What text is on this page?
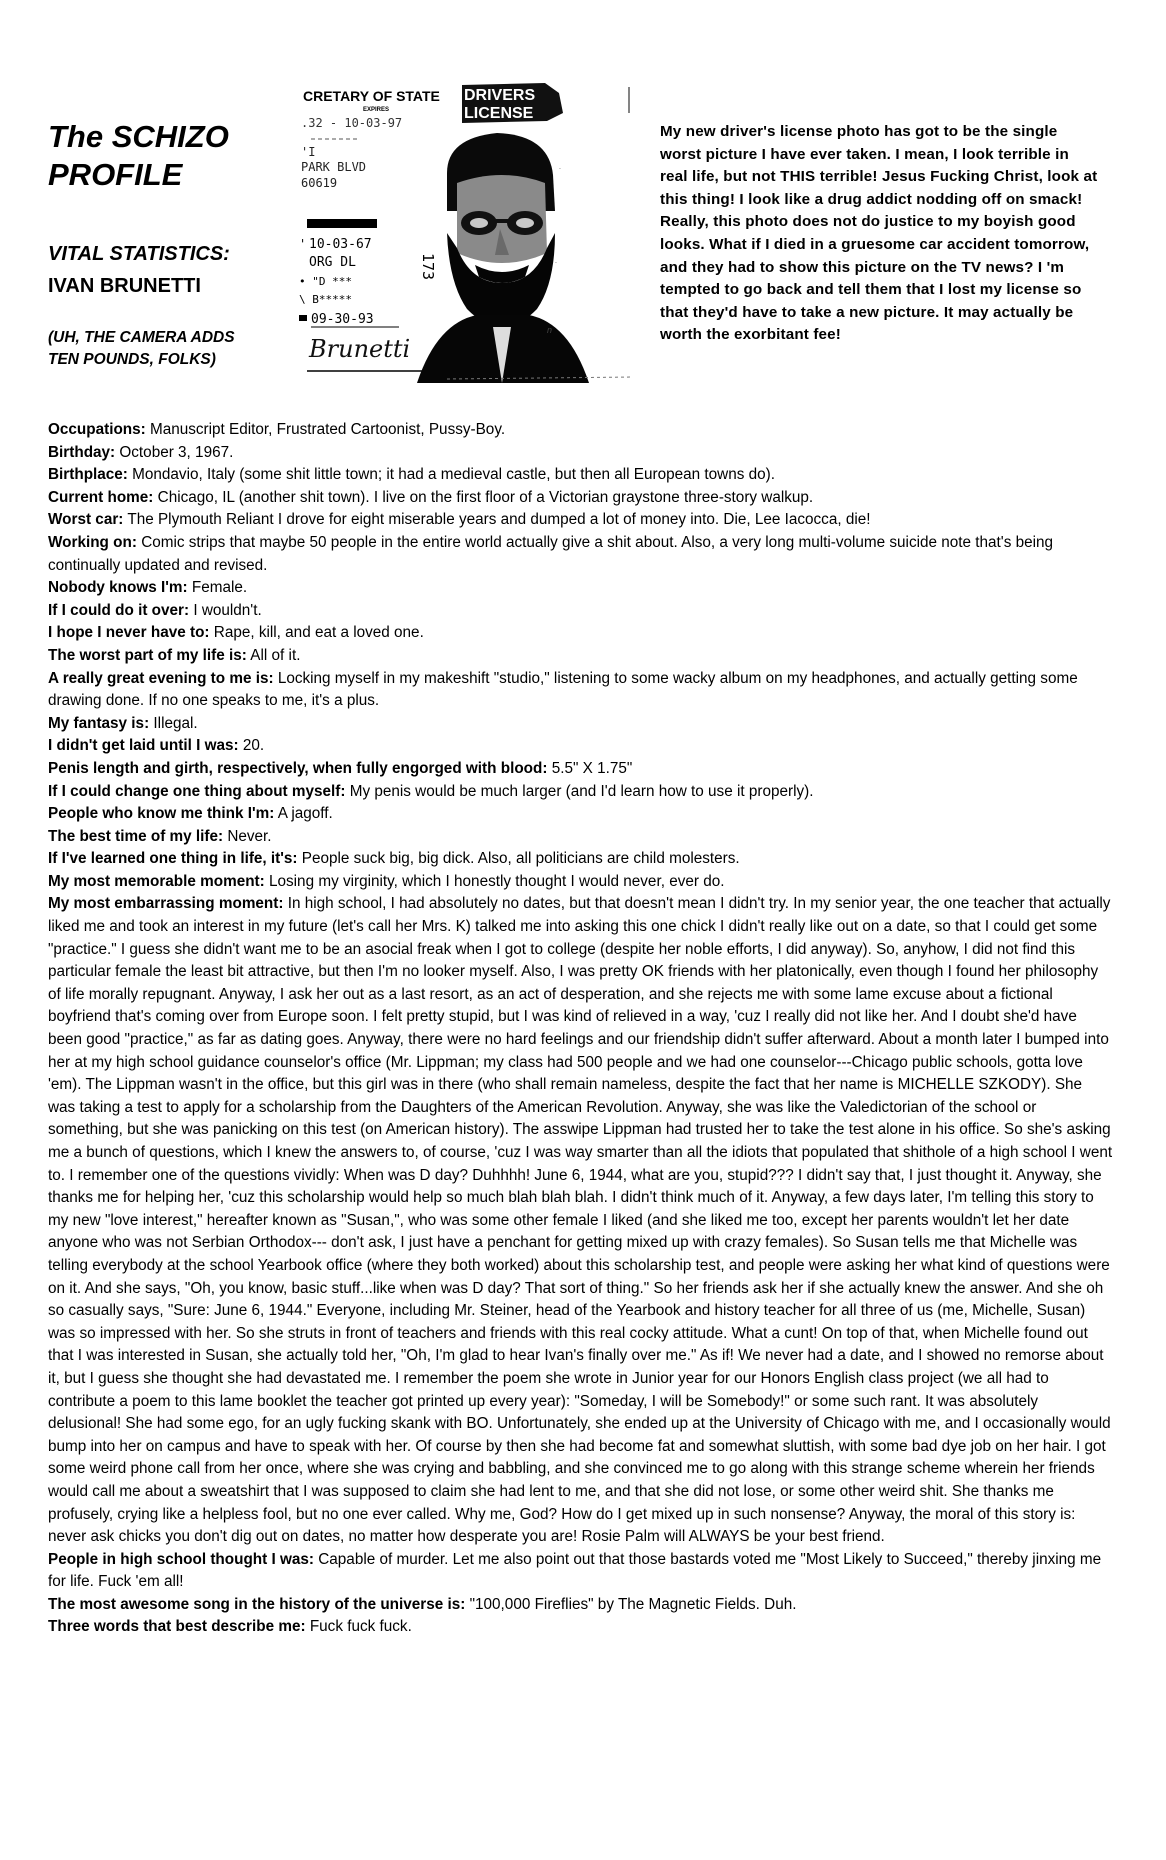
The SCHIZO
PROFILE
VITAL STATISTICS:
IVAN BRUNETTI
(UH, THE CAMERA ADDS
TEN POUNDS, FOLKS)
CRETARY OF STATE
EXPIRES
.32 - 10-03-97
'I
PARK BLVD
60619
' 10-03-67
ORG DL
• "D ***
\ B*****
09-30-93
Brunetti
173
DRIVERS
LICENSE
.
.
n
My new driver's license photo has got to be the single worst picture I have ever taken. I mean, I look terrible in real life, but not THIS terrible! Jesus Fucking Christ, look at this thing! I look like a drug addict nodding off on smack! Really, this photo does not do justice to my boyish good looks. What if I died in a gruesome car accident tomorrow, and they had to show this picture on the TV news? I 'm tempted to go back and tell them that I lost my license so that they'd have to take a new picture. It may actually be worth the exorbitant fee!

Occupations: Manuscript Editor, Frustrated Cartoonist, Pussy-Boy.

Birthday: October 3, 1967.

Birthplace: Mondavio, Italy (some shit little town; it had a medieval castle, but then all European towns do).

Current home: Chicago, IL (another shit town). I live on the first floor of a Victorian graystone three-story walkup.

Worst car: The Plymouth Reliant I drove for eight miserable years and dumped a lot of money into. Die, Lee Iacocca, die!

Working on: Comic strips that maybe 50 people in the entire world actually give a shit about. Also, a very long multi-volume suicide note that's being continually updated and revised.

Nobody knows I'm: Female.

If I could do it over: I wouldn't.

I hope I never have to: Rape, kill, and eat a loved one.

The worst part of my life is: All of it.

A really great evening to me is: Locking myself in my makeshift "studio," listening to some wacky album on my headphones, and actually getting some drawing done. If no one speaks to me, it's a plus.

My fantasy is: Illegal.

I didn't get laid until I was: 20.

Penis length and girth, respectively, when fully engorged with blood: 5.5" X 1.75"

If I could change one thing about myself: My penis would be much larger (and I'd learn how to use it properly).

People who know me think I'm: A jagoff.

The best time of my life: Never.

If I've learned one thing in life, it's: People suck big, big dick. Also, all politicians are child molesters.

My most memorable moment: Losing my virginity, which I honestly thought I would never, ever do.

My most embarrassing moment: In high school, I had absolutely no dates, but that doesn't mean I didn't try. In my senior year, the one teacher that actually liked me and took an interest in my future (let's call her Mrs. K) talked me into asking this one chick I didn't really like out on a date, so that I could get some "practice." I guess she didn't want me to be an asocial freak when I got to college (despite her noble efforts, I did anyway). So, anyhow, I did not find this particular female the least bit attractive, but then I'm no looker myself. Also, I was pretty OK friends with her platonically, even though I found her philosophy of life morally repugnant. Anyway, I ask her out as a last resort, as an act of desperation, and she rejects me with some lame excuse about a fictional boyfriend that's coming over from Europe soon. I felt pretty stupid, but I was kind of relieved in a way, 'cuz I really did not like her. And I doubt she'd have been good "practice," as far as dating goes. Anyway, there were no hard feelings and our friendship didn't suffer afterward. About a month later I bumped into her at my high school guidance counselor's office (Mr. Lippman; my class had 500 people and we had one counselor---Chicago public schools, gotta love 'em). The Lippman wasn't in the office, but this girl was in there (who shall remain nameless, despite the fact that her name is MICHELLE SZKODY). She was taking a test to apply for a scholarship from the Daughters of the American Revolution. Anyway, she was like the Valedictorian of the school or something, but she was panicking on this test (on American history). The asswipe Lippman had trusted her to take the test alone in his office. So she's asking me a bunch of questions, which I knew the answers to, of course, 'cuz I was way smarter than all the idiots that populated that shithole of a high school I went to. I remember one of the questions vividly: When was D day? Duhhhh! June 6, 1944, what are you, stupid??? I didn't say that, I just thought it. Anyway, she thanks me for helping her, 'cuz this scholarship would help so much blah blah blah. I didn't think much of it. Anyway, a few days later, I'm telling this story to my new "love interest," hereafter known as "Susan,", who was some other female I liked (and she liked me too, except her parents wouldn't let her date anyone who was not Serbian Orthodox--- don't ask, I just have a penchant for getting mixed up with crazy females). So Susan tells me that Michelle was telling everybody at the school Yearbook office (where they both worked) about this scholarship test, and people were asking her what kind of questions were on it. And she says, "Oh, you know, basic stuff...like when was D day? That sort of thing." So her friends ask her if she actually knew the answer. And she oh so casually says, "Sure: June 6, 1944." Everyone, including Mr. Steiner, head of the Yearbook and history teacher for all three of us (me, Michelle, Susan) was so impressed with her. So she struts in front of teachers and friends with this real cocky attitude. What a cunt! On top of that, when Michelle found out that I was interested in Susan, she actually told her, "Oh, I'm glad to hear Ivan's finally over me." As if! We never had a date, and I showed no remorse about it, but I guess she thought she had devastated me. I remember the poem she wrote in Junior year for our Honors English class project (we all had to contribute a poem to this lame booklet the teacher got printed up every year): "Someday, I will be Somebody!" or some such rant. It was absolutely delusional! She had some ego, for an ugly fucking skank with BO. Unfortunately, she ended up at the University of Chicago with me, and I occasionally would bump into her on campus and have to speak with her. Of course by then she had become fat and somewhat sluttish, with some bad dye job on her hair. I got some weird phone call from her once, where she was crying and babbling, and she convinced me to go along with this strange scheme wherein her friends would call me about a sweatshirt that I was supposed to claim she had lent to me, and that she did not lose, or some other weird shit. She thanks me profusely, crying like a helpless fool, but no one ever called. Why me, God? How do I get mixed up in such nonsense? Anyway, the moral of this story is: never ask chicks you don't dig out on dates, no matter how desperate you are! Rosie Palm will ALWAYS be your best friend.

People in high school thought I was: Capable of murder. Let me also point out that those bastards voted me "Most Likely to Succeed," thereby jinxing me for life. Fuck 'em all!

The most awesome song in the history of the universe is: "100,000 Fireflies" by The Magnetic Fields. Duh.

Three words that best describe me: Fuck fuck fuck.
